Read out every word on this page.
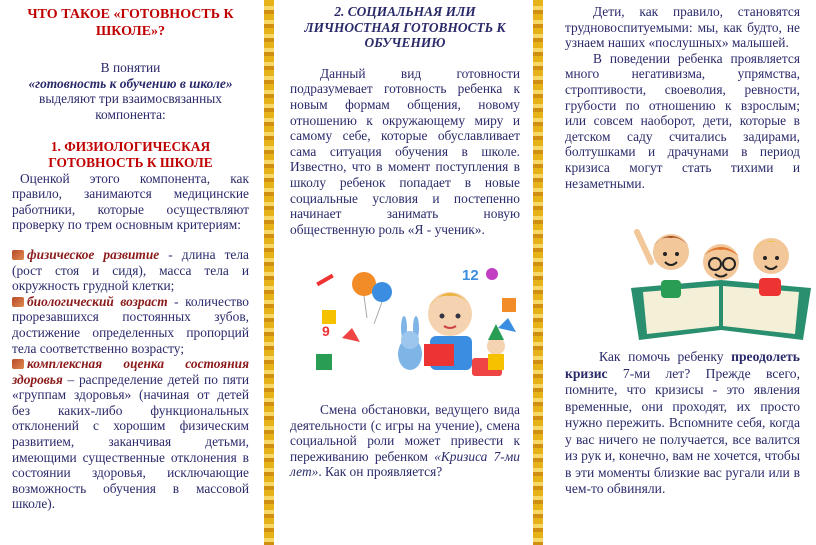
ЧТО ТАКОЕ «ГОТОВНОСТЬ К ШКОЛЕ»?

В понятии

«готовность к обучению в школе»

выделяют три взаимосвязанных компонента:

1. ФИЗИОЛОГИЧЕСКАЯ ГОТОВНОСТЬ К ШКОЛЕ

Оценкой этого компонента, как правило, занимаются медицинские работники, которые осуществляют проверку по трем основным критериям:

физическое развитие - длина тела (рост стоя и сидя), масса тела и окружность грудной клетки;

биологический возраст - количество прорезавшихся постоянных зубов, достижение определенных пропорций тела соответственно возрасту;

комплексная оценка состояния здоровья – распределение детей по пяти «группам здоровья» (начиная от детей без каких-либо функциональных отклонений с хорошим физическим развитием, заканчивая детьми, имеющими существенные отклонения в состоянии здоровья, исключающие возможность обучения в массовой школе).

2. СОЦИАЛЬНАЯ ИЛИ ЛИЧНОСТНАЯ ГОТОВНОСТЬ К ОБУЧЕНИЮ

Данный вид готовности подразумевает готовность ребенка к новым формам общения, новому отношению к окружающему миру и самому себе, которые обуславливает сама ситуация обучения в школе. Известно, что в момент поступления в школу ребенок попадает в новые социальные условия и постепенно начинает занимать новую общественную роль «Я - ученик».

9
12

Смена обстановки, ведущего вида деятельности (с игры на учение), смена социальной роли может привести к переживанию ребенком «Кризиса 7-ми лет». Как он проявляется?

Дети, как правило, становятся трудновоспитуемыми: мы, как будто, не узнаем наших «послушных» малышей.

В поведении ребенка проявляется много негативизма, упрямства, строптивости, своеволия, ревности, грубости по отношению к взрослым; или совсем наоборот, дети, которые в детском саду считались задирами, болтушками и драчунами в период кризиса могут стать тихими и незаметными.

Как помочь ребенку преодолеть кризис 7-ми лет? Прежде всего, помните, что кризисы - это явления временные, они проходят, их просто нужно пережить. Вспомните себя, когда у вас ничего не получается, все валится из рук и, конечно, вам не хочется, чтобы в эти моменты близкие вас ругали или в чем-то обвиняли.
